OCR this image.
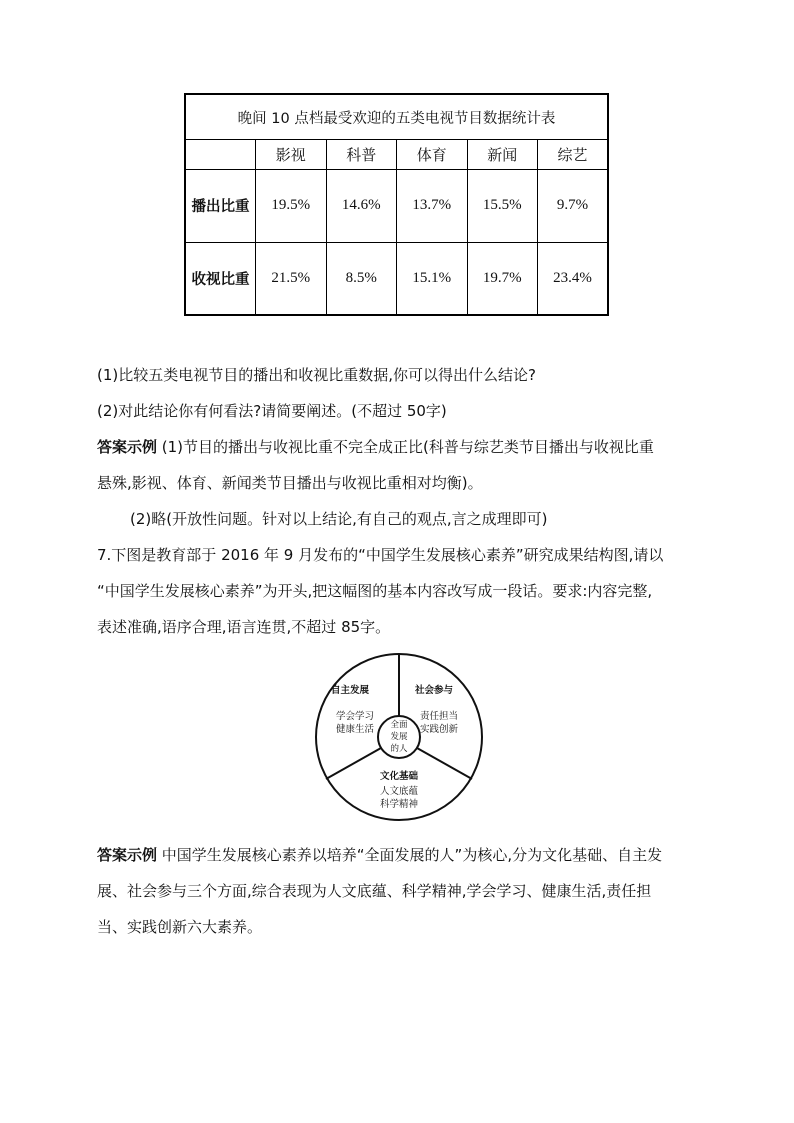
晚间 10 点档最受欢迎的五类电视节目数据统计表					
	影视	科普	体育	新闻	综艺
播出比重	19.5%	14.6%	13.7%	15.5%	9.7%
收视比重	21.5%	8.5%	15.1%	19.7%	23.4%
(1)比较五类电视节目的播出和收视比重数据,你可以得出什么结论?
(2)对此结论你有何看法?请简要阐述。(不超过 50字)
答案示例 (1)节目的播出与收视比重不完全成正比(科普与综艺类节目播出与收视比重
悬殊,影视、体育、新闻类节目播出与收视比重相对均衡)。
(2)略(开放性问题。针对以上结论,有自己的观点,言之成理即可)
7.下图是教育部于 2016 年 9 月发布的“中国学生发展核心素养”研究成果结构图,请以
“中国学生发展核心素养”为开头,把这幅图的基本内容改写成一段话。要求:内容完整,
表述准确,语序合理,语言连贯,不超过 85字。
自主发展
学会学习
健康生活
社会参与
责任担当
实践创新
文化基础
人文底蕴
科学精神
全面
发展
的人
答案示例 中国学生发展核心素养以培养“全面发展的人”为核心,分为文化基础、自主发
展、社会参与三个方面,综合表现为人文底蕴、科学精神,学会学习、健康生活,责任担
当、实践创新六大素养。
